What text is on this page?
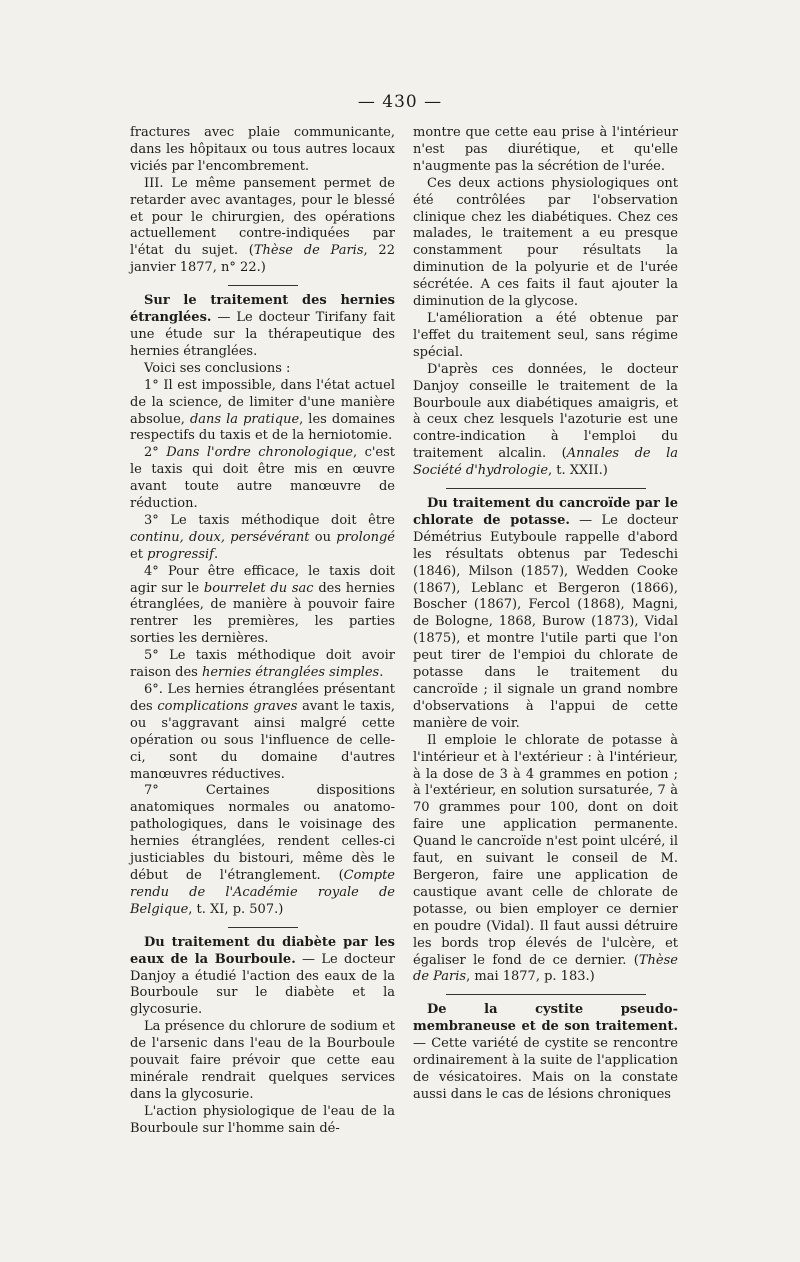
— 430 —

fractures avec plaie communicante, dans les hôpitaux ou tous autres locaux viciés par l'encombrement.

III. Le même pansement permet de retarder avec avantages, pour le blessé et pour le chirurgien, des opérations actuellement contre-indiquées par l'état du sujet. (Thèse de Paris, 22 janvier 1877, n° 22.)

Sur le traitement des hernies étranglées. — Le docteur Tirifany fait une étude sur la thérapeutique des hernies étranglées.

Voici ses conclusions :

1° Il est impossible, dans l'état actuel de la science, de limiter d'une manière absolue, dans la pratique, les domaines respectifs du taxis et de la herniotomie.

2° Dans l'ordre chronologique, c'est le taxis qui doit être mis en œuvre avant toute autre manœuvre de réduction.

3° Le taxis méthodique doit être continu, doux, persévérant ou prolongé et progressif.

4° Pour être efficace, le taxis doit agir sur le bourrelet du sac des hernies étranglées, de manière à pouvoir faire rentrer les premières, les parties sorties les dernières.

5° Le taxis méthodique doit avoir raison des hernies étranglées simples.

6°. Les hernies étranglées présentant des complications graves avant le taxis, ou s'aggravant ainsi malgré cette opération ou sous l'influence de celle-ci, sont du domaine d'autres manœuvres réductives.

7° Certaines dispositions anatomiques normales ou anatomo-pathologiques, dans le voisinage des hernies étranglées, rendent celles-ci justiciables du bistouri, même dès le début de l'étranglement. (Compte rendu de l'Académie royale de Belgique, t. XI, p. 507.)

Du traitement du diabète par les eaux de la Bourboule. — Le docteur Danjoy a étudié l'action des eaux de la Bourboule sur le diabète et la glycosurie.

La présence du chlorure de sodium et de l'arsenic dans l'eau de la Bourboule pouvait faire prévoir que cette eau minérale rendrait quelques services dans la glycosurie.

L'action physiologique de l'eau de la Bourboule sur l'homme sain dé-

montre que cette eau prise à l'intérieur n'est pas diurétique, et qu'elle n'augmente pas la sécrétion de l'urée.

Ces deux actions physiologiques ont été contrôlées par l'observation clinique chez les diabétiques. Chez ces malades, le traitement a eu presque constamment pour résultats la diminution de la polyurie et de l'urée sécrétée. A ces faits il faut ajouter la diminution de la glycose.

L'amélioration a été obtenue par l'effet du traitement seul, sans régime spécial.

D'après ces données, le docteur Danjoy conseille le traitement de la Bourboule aux diabétiques amaigris, et à ceux chez lesquels l'azoturie est une contre-indication à l'emploi du traitement alcalin. (Annales de la Société d'hydrologie, t. XXII.)

Du traitement du cancroïde par le chlorate de potasse. — Le docteur Démétrius Eutyboule rappelle d'abord les résultats obtenus par Tedeschi (1846), Milson (1857), Wedden Cooke (1867), Leblanc et Bergeron (1866), Boscher (1867), Fercol (1868), Magni, de Bologne, 1868, Burow (1873), Vidal (1875), et montre l'utile parti que l'on peut tirer de l'empioi du chlorate de potasse dans le traitement du cancroïde ; il signale un grand nombre d'observations à l'appui de cette manière de voir.

Il emploie le chlorate de potasse à l'intérieur et à l'extérieur : à l'intérieur, à la dose de 3 à 4 grammes en potion ; à l'extérieur, en solution sursaturée, 7 à 70 grammes pour 100, dont on doit faire une application permanente. Quand le cancroïde n'est point ulcéré, il faut, en suivant le conseil de M. Bergeron, faire une application de caustique avant celle de chlorate de potasse, ou bien employer ce dernier en poudre (Vidal). Il faut aussi détruire les bords trop élevés de l'ulcère, et égaliser le fond de ce dernier. (Thèse de Paris, mai 1877, p. 183.)

De la cystite pseudo-membraneuse et de son traitement. — Cette variété de cystite se rencontre ordinairement à la suite de l'application de vésicatoires. Mais on la constate aussi dans le cas de lésions chroniques
